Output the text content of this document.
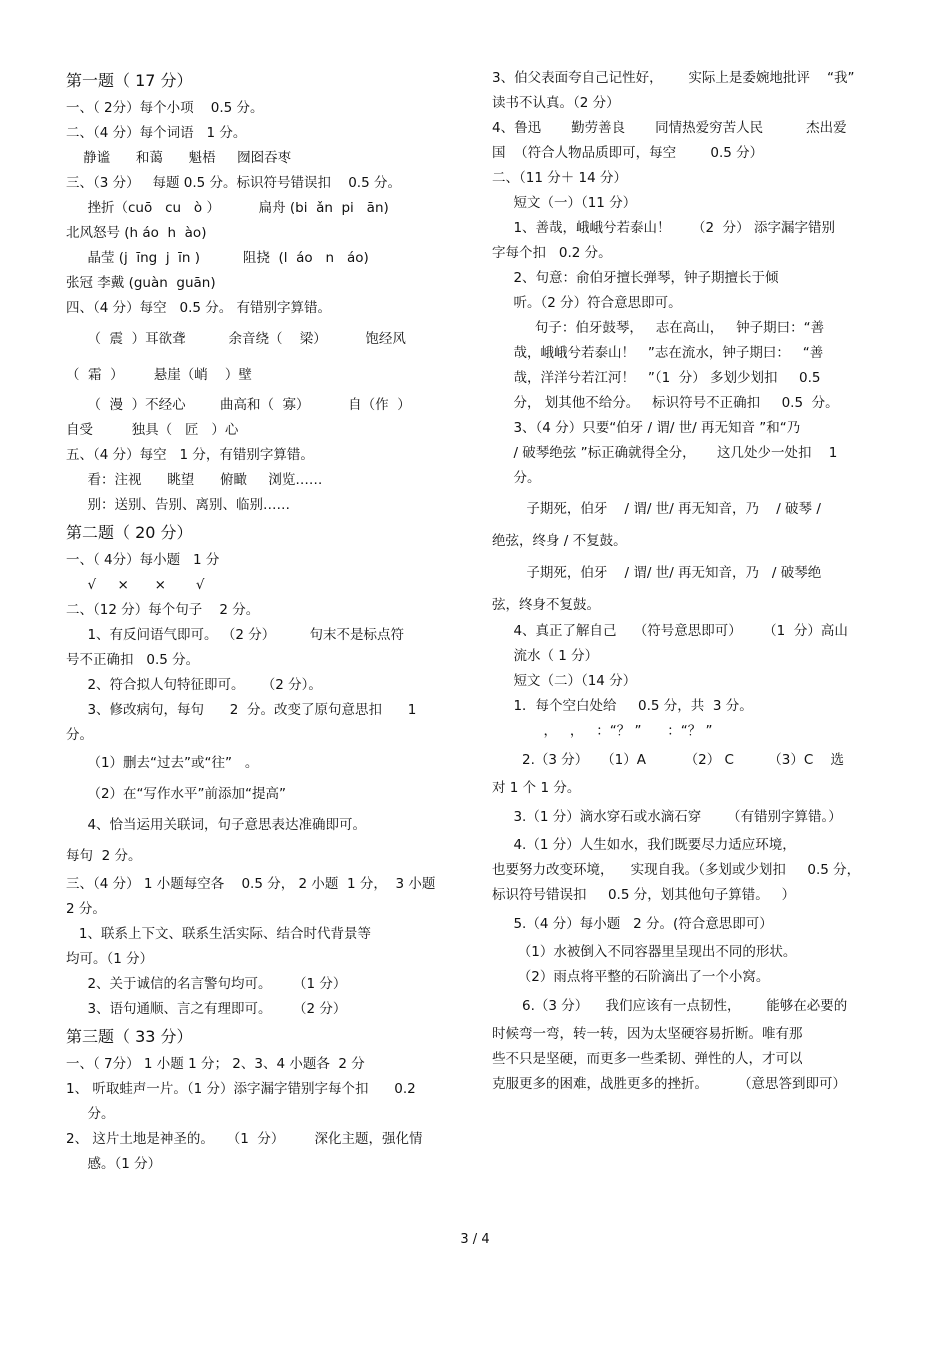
第一题（ 17 分）

一、（ 2分）每个小项    0.5 分。

二、（4 分）每个词语   1 分。

静谧      和蔼      魁梧     囫囵吞枣

三、（3 分）   每题 0.5 分。标识符号错误扣    0.5 分。

挫折（cuō   cu   ò ）         扁舟 (bi  ǎn  pi   ān)

北风怒号 (h áo  h  ào)

晶莹 (j  īng  j  īn )          阻挠  (l  áo   n   áo)

张冠 李戴 (guàn  guān)

四、（4 分）每空   0.5 分。 有错别字算错。

（  震  ）耳欲聋          余音绕（    梁）         饱经风

（  霜  ）       悬崖（峭    ）壁

（  漫  ）不经心        曲高和（  寡）         自（作  ）

自受         独具（   匠   ）心

五、（4 分）每空   1 分，有错别字算错。

看：注视      眺望      俯瞰     浏览……

别：送别、告别、离别、临别……

第二题（ 20 分）

一、（ 4分）每小题   1 分

√     ×      ×       √

二、（12 分）每个句子    2 分。

1、有反问语气即可。 （2 分）        句末不是标点符

号不正确扣   0.5 分。

2、符合拟人句特征即可。    （2 分）。

3、修改病句，每句      2  分。改变了原句意思扣      1

分。

（1）删去“过去”或“往”   。

（2）在“写作水平”前添加“提高”

4、恰当运用关联词，句子意思表达准确即可。

每句  2 分。

三、（4 分） 1 小题每空各    0.5 分， 2 小题  1 分，  3 小题

2 分。

1、联系上下文、联系生活实际、结合时代背景等

均可。（1 分）

2、关于诚信的名言警句均可。     （1 分）

3、语句通顺、言之有理即可。     （2 分）

第三题（ 33 分）

一、（ 7分） 1 小题 1 分； 2、3、4 小题各  2 分

1、 听取蛙声一片。（1 分）添字漏字错别字每个扣      0.2

分。

2、 这片土地是神圣的。   （1  分）       深化主题，强化情

感。（1 分）

3、伯父表面夸自己记性好，      实际上是委婉地批评    “我”

读书不认真。（2 分）

4、鲁迅       勤劳善良       同情热爱穷苦人民          杰出爱

国  （符合人物品质即可，每空        0.5 分）

二、（11 分＋ 14 分）

短文（一）（11 分）

1、善哉，峨峨兮若泰山！     （2  分） 添字漏字错别

字每个扣   0.2 分。

2、句意：俞伯牙擅长弹琴，钟子期擅长于倾

听。（2 分）符合意思即可。

句子：伯牙鼓琴，   志在高山，   钟子期曰：“善

哉，峨峨兮若泰山！   ”志在流水，钟子期曰：   “善

哉，洋洋兮若江河！   ”（1  分） 多划少划扣     0.5

分， 划其他不给分。   标识符号不正确扣     0.5  分。

3、（4 分）只要“伯牙 / 谓/ 世/ 再无知音 ”和“乃

/ 破琴绝弦 ”标正确就得全分，     这几处少一处扣    1

分。

子期死，伯牙    / 谓/ 世/ 再无知音，乃    / 破琴 /

绝弦，终身 / 不复鼓。

子期死，伯牙    / 谓/ 世/ 再无知音，乃   / 破琴绝

弦，终身不复鼓。

4、真正了解自己    （符号意思即可）     （1  分）高山

流水（ 1 分）

短文（二）（14 分）

1．每个空白处给     0.5 分，共  3 分。

，   ，   ：“？ ”      ：“？ ”

2.（3 分）   （1）A         （2） C        （3）C    选

对 1 个 1 分。

3.（1 分）滴水穿石或水滴石穿      （有错别字算错。）

4.（1 分）人生如水，我们既要尽力适应环境，

也要努力改变环境，    实现自我。（多划或少划扣     0.5 分，

标识符号错误扣     0.5 分，划其他句子算错。   ）

5.（4 分）每小题   2 分。(符合意思即可）

（1）水被倒入不同容器里呈现出不同的形状。

（2）雨点将平整的石阶滴出了一个小窝。

6.（3 分）    我们应该有一点韧性，      能够在必要的

时候弯一弯，转一转，因为太坚硬容易折断。唯有那

些不只是坚硬，而更多一些柔韧、弹性的人，才可以

克服更多的困难，战胜更多的挫折。       （意思答到即可）

3 / 4
